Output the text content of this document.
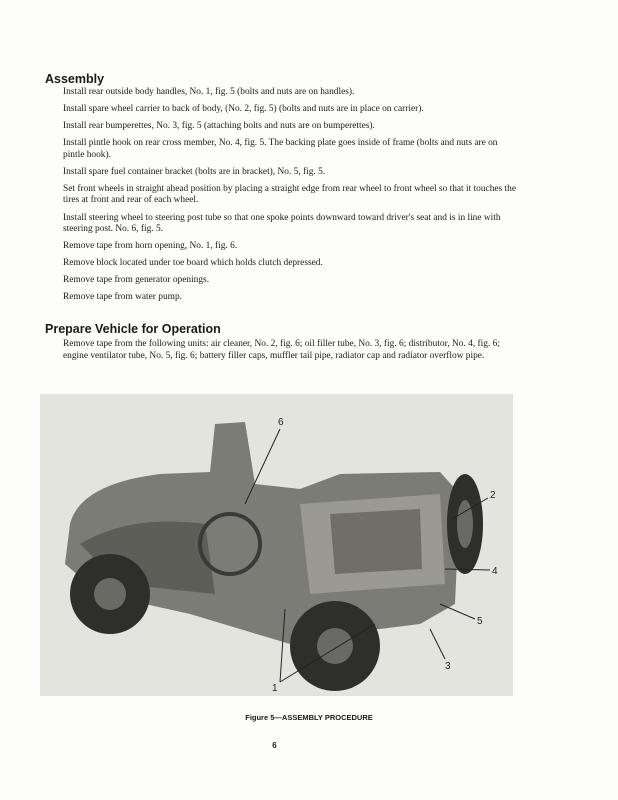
Assembly

Install rear outside body handles, No. 1, fig. 5 (bolts and nuts are on handles).

Install spare wheel carrier to back of body, (No. 2, fig. 5) (bolts and nuts are in place on carrier).

Install rear bumperettes, No. 3, fig. 5 (attaching bolts and nuts are on bumperettes).

Install pintle hook on rear cross member, No. 4, fig. 5. The backing plate goes inside of frame (bolts and nuts are on pintle hook).

Install spare fuel container bracket (bolts are in bracket), No. 5, fig. 5.

Set front wheels in straight ahead position by placing a straight edge from rear wheel to front wheel so that it touches the tires at front and rear of each wheel.

Install steering wheel to steering post tube so that one spoke points downward toward driver's seat and is in line with steering post. No. 6, fig. 5.

Remove tape from horn opening, No. 1, fig. 6.

Remove block located under toe board which holds clutch depressed.

Remove tape from generator openings.

Remove tape from water pump.

Prepare Vehicle for Operation

Remove tape from the following units: air cleaner, No. 2, fig. 6; oil filler tube, No. 3, fig. 6; distributor, No. 4, fig. 6; engine ventilator tube, No. 5, fig. 6; battery filler caps, muffler tail pipe, radiator cap and radiator overflow pipe.

6
2
4
5
3
1
Figure 5—ASSEMBLY PROCEDURE
6
